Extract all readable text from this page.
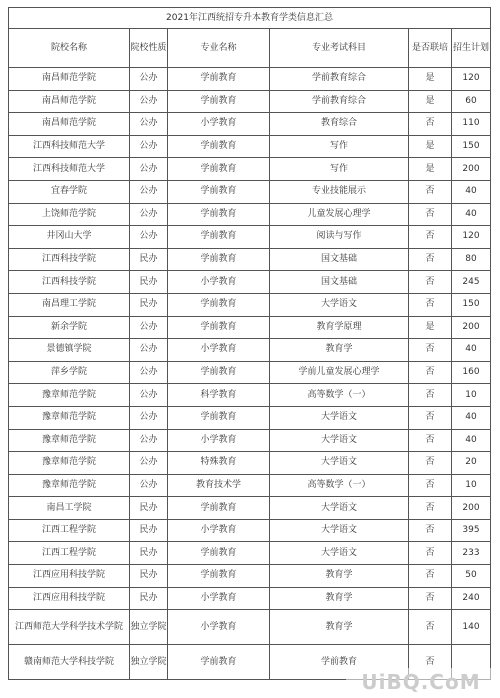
2021年江西统招专升本教育学类信息汇总					
院校名称	院校性质	专业名称	专业考试科目	是否联培	招生计划
南昌师范学院	公办	学前教育	学前教育综合	是	120
南昌师范学院	公办	学前教育	学前教育综合	是	60
南昌师范学院	公办	小学教育	教育综合	否	110
江西科技师范大学	公办	学前教育	写作	是	150
江西科技师范大学	公办	学前教育	写作	是	200
宜春学院	公办	学前教育	专业技能展示	否	40
上饶师范学院	公办	学前教育	儿童发展心理学	否	40
井冈山大学	公办	学前教育	阅读与写作	否	120
江西科技学院	民办	学前教育	国文基础	否	80
江西科技学院	民办	小学教育	国文基础	否	245
南昌理工学院	民办	学前教育	大学语文	否	150
新余学院	公办	学前教育	教育学原理	是	200
景德镇学院	公办	小学教育	教育学	否	40
萍乡学院	公办	学前教育	学前儿童发展心理学	否	160
豫章师范学院	公办	科学教育	高等数学（一）	否	10
豫章师范学院	公办	学前教育	大学语文	否	40
豫章师范学院	公办	小学教育	大学语文	否	40
豫章师范学院	公办	特殊教育	大学语文	否	20
豫章师范学院	公办	教育技术学	高等数学（一）	否	10
南昌工学院	民办	学前教育	大学语文	否	200
江西工程学院	民办	小学教育	大学语文	否	395
江西工程学院	民办	学前教育	大学语文	否	233
江西应用科技学院	民办	学前教育	教育学	否	50
江西应用科技学院	民办	小学教育	教育学	否	240
江西师范大学科学技术学院	独立学院	小学教育	教育学	否	140
赣南师范大学科技学院	独立学院	学前教育	学前教育	否	
UiBQ.CoM
